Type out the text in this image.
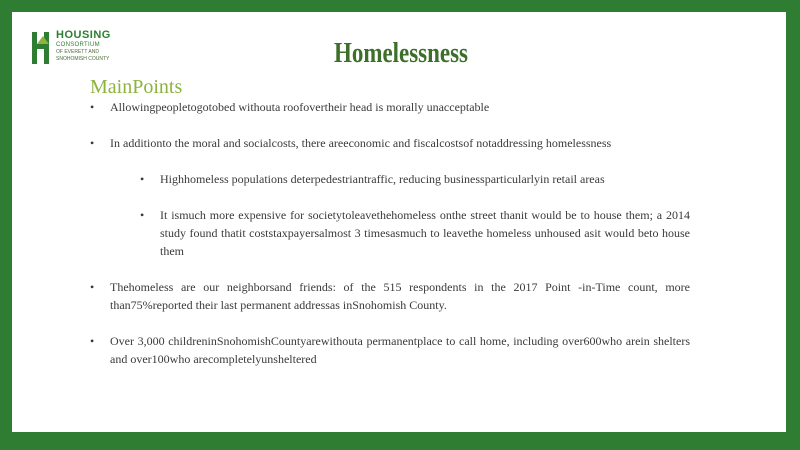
HOUSING
CONSORTIUM
OF EVERETT AND
SNOHOMISH COUNTY	Homelessness
MainPoints
• Allowingpeopletogotobed withouta roofovertheir head is morally unacceptable
• In additionto the moral and socialcosts, there areeconomic and fiscalcostsof notaddressing homelessness
• Highhomeless populations deterpedestriantraffic, reducing businessparticularlyin retail areas
• It ismuch more expensive for societytoleavethehomeless onthe street thanit would be to house them; a 2014 study found thatit coststaxpayersalmost 3 timesasmuch to leavethe homeless unhoused asit would beto house them
• Thehomeless are our neighborsand friends: of the 515 respondents in the 2017 Point -in-Time count, more than75%reported their last permanent addressas inSnohomish County.
• Over 3,000 childreninSnohomishCountyarewithouta permanentplace to call home, including over600who arein shelters and over100who arecompletelyunsheltered
